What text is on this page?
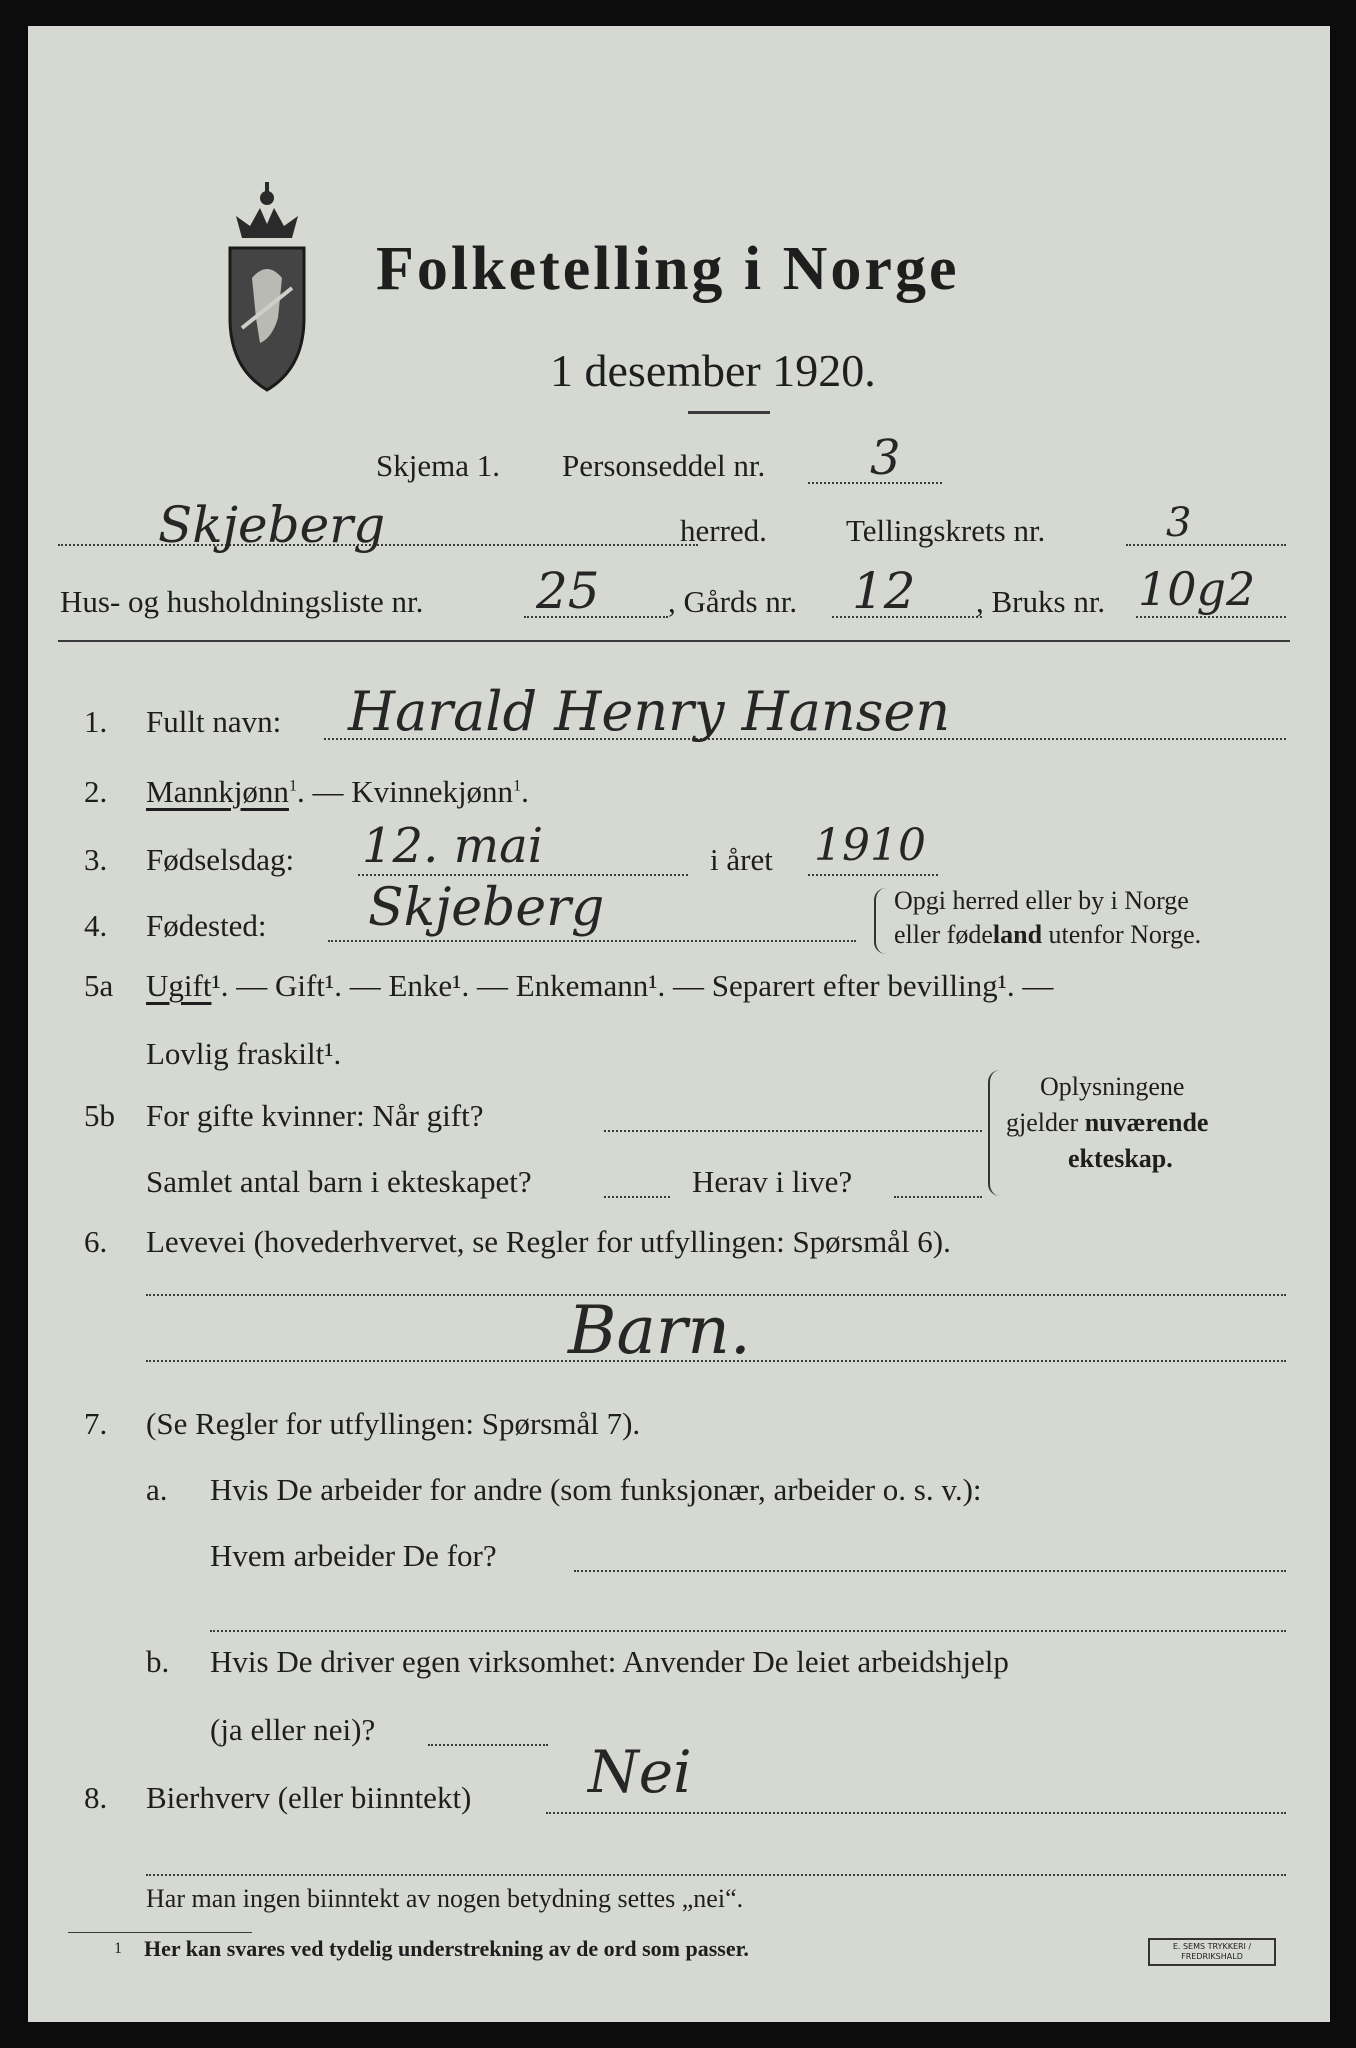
Folketelling i Norge
1 desember 1920.
Skjema 1. Personseddel nr. 3
Skjeberg	herred.	Tellingskrets nr.	3
Hus- og husholdningsliste nr. 25 , Gårds nr. 12 , Bruks nr. 10g2
1. Fullt navn: Harald Henry Hansen
2. Mannkjønn$^1$. — Kvinnekjønn$^1$.
3. Fødselsdag: 12. mai	i året 1910
4. Fødested: Skjeberg	Opgi herred eller by i Norge
eller fødeland utenfor Norge.
5a Ugift¹. — Gift¹. — Enke¹. — Enkemann¹. — Separert efter bevilling¹. —
Lovlig fraskilt¹.
5b For gifte kvinner: Når gift?
Samlet antal barn i ekteskapet?	Herav i live?
Oplysningene
gjelder nuværende
ekteskap.
6. Levevei (hovederhvervet, se Regler for utfyllingen: Spørsmål 6).
Barn.
7. (Se Regler for utfyllingen: Spørsmål 7).
a. Hvis De arbeider for andre (som funksjonær, arbeider o. s. v.):
Hvem arbeider De for?
b. Hvis De driver egen virksomhet: Anvender De leiet arbeidshjelp
(ja eller nei)?
8. Bierhverv (eller biinntekt) Nei
Har man ingen biinntekt av nogen betydning settes „nei“.
1 Her kan svares ved tydelig understrekning av de ord som passer.	E. SEMS TRYKKERI / FREDRIKSHALD
